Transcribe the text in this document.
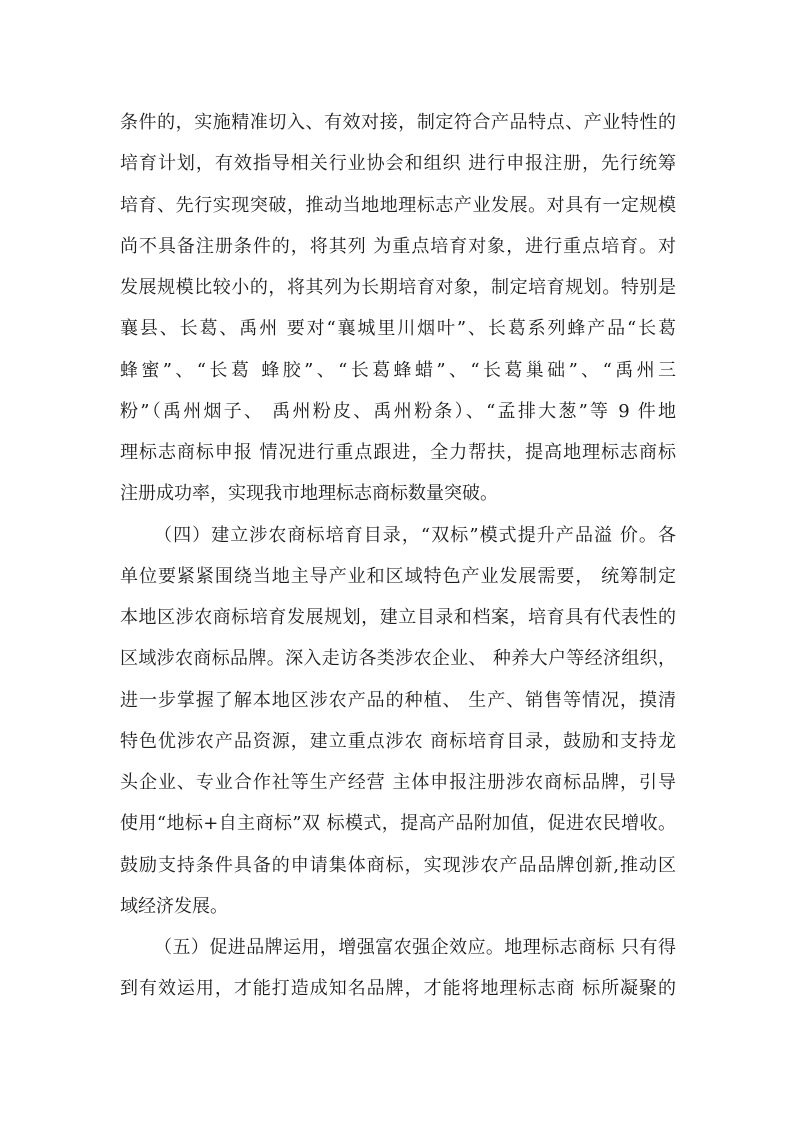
条件的，实施精准切入、有效对接，制定符合产品特点、产业特性的
培育计划，有效指导相关行业协会和组织 进行申报注册，先行统筹
培育、先行实现突破，推动当地地理标志产业发展。对具有一定规模
尚不具备注册条件的，将其列 为重点培育对象，进行重点培育。对
发展规模比较小的，将其列为长期培育对象，制定培育规划。特别是
襄县、长葛、禹州 要对“襄城里川烟叶”、长葛系列蜂产品“长葛
蜂蜜”、“长葛 蜂胶”、“长葛蜂蜡”、“长葛巢础”、“禹州三
粉”（禹州烟子、 禹州粉皮、禹州粉条）、“孟排大葱”等 9 件地
理标志商标申报 情况进行重点跟进，全力帮扶，提高地理标志商标
注册成功率，实现我市地理标志商标数量突破。
（四）建立涉农商标培育目录，“双标”模式提升产品溢 价。各
单位要紧紧围绕当地主导产业和区域特色产业发展需要， 统筹制定
本地区涉农商标培育发展规划，建立目录和档案，培育具有代表性的
区域涉农商标品牌。深入走访各类涉农企业、 种养大户等经济组织，
进一步掌握了解本地区涉农产品的种植、 生产、销售等情况，摸清
特色优涉农产品资源，建立重点涉农 商标培育目录，鼓励和支持龙
头企业、专业合作社等生产经营 主体申报注册涉农商标品牌，引导
使用“地标+自主商标”双 标模式，提高产品附加值，促进农民增收。
鼓励支持条件具备的申请集体商标，实现涉农产品品牌创新,推动区
域经济发展。
（五）促进品牌运用，增强富农强企效应。地理标志商标 只有得
到有效运用，才能打造成知名品牌，才能将地理标志商 标所凝聚的
